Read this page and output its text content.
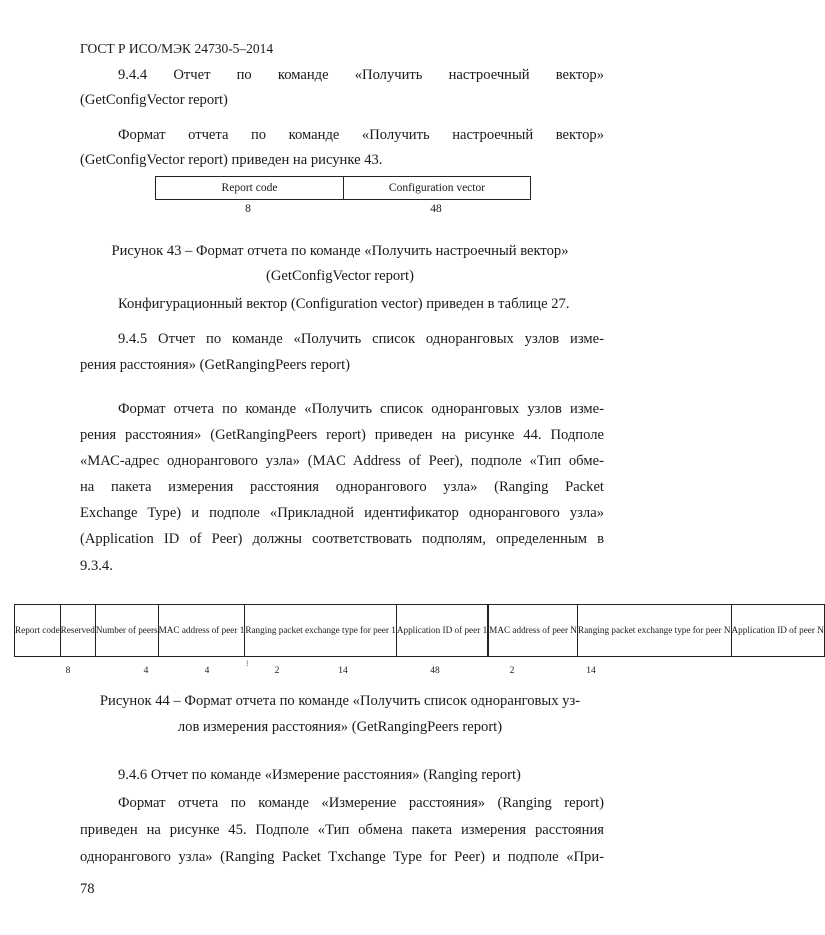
ГОСТ Р ИСО/МЭК 24730-5–2014
9.4.4 Отчет по команде «Получить настроечный вектор»
(GetConfigVector report)
Формат отчета по команде «Получить настроечный вектор»
(GetConfigVector report) приведен на рисунке 43.
Report code	Configuration vector
8	48
Рисунок 43 – Формат отчета по команде «Получить настроечный вектор»
(GetConfigVector report)
Конфигурационный вектор (Configuration vector) приведен в таблице 27.
9.4.5 Отчет по команде «Получить список одноранговых узлов изме-
рения расстояния» (GetRangingPeers report)
Формат отчета по команде «Получить список одноранговых узлов изме-
рения расстояния» (GetRangingPeers report) приведен на рисунке 44. Подполе
«МАС-адрес однорангового узла» (MAC Address of Peer), подполе «Тип обме-
на пакета измерения расстояния однорангового узла» (Ranging Packet
Exchange Type) и подполе «Прикладной идентификатор однорангового узла»
(Application ID of Peer) должны соответствовать подполям, определенным в
9.3.4.
Report code	Reserved	Number of peers	MAC address of peer 1	Ranging packet exchange type for peer 1	Application ID of peer 1		MAC address of peer N	Ranging packet exchange type for peer N	Application ID of peer N
⁝
8	4	4	2	14	48	2	14
Рисунок 44 – Формат отчета по команде «Получить список одноранговых уз-
лов измерения расстояния» (GetRangingPeers report)
9.4.6 Отчет по команде «Измерение расстояния» (Ranging report)
Формат отчета по команде «Измерение расстояния» (Ranging report)
приведен на рисунке 45. Подполе «Тип обмена пакета измерения расстояния
однорангового узла» (Ranging Packet Txchange Type for Peer) и подполе «При-
78
